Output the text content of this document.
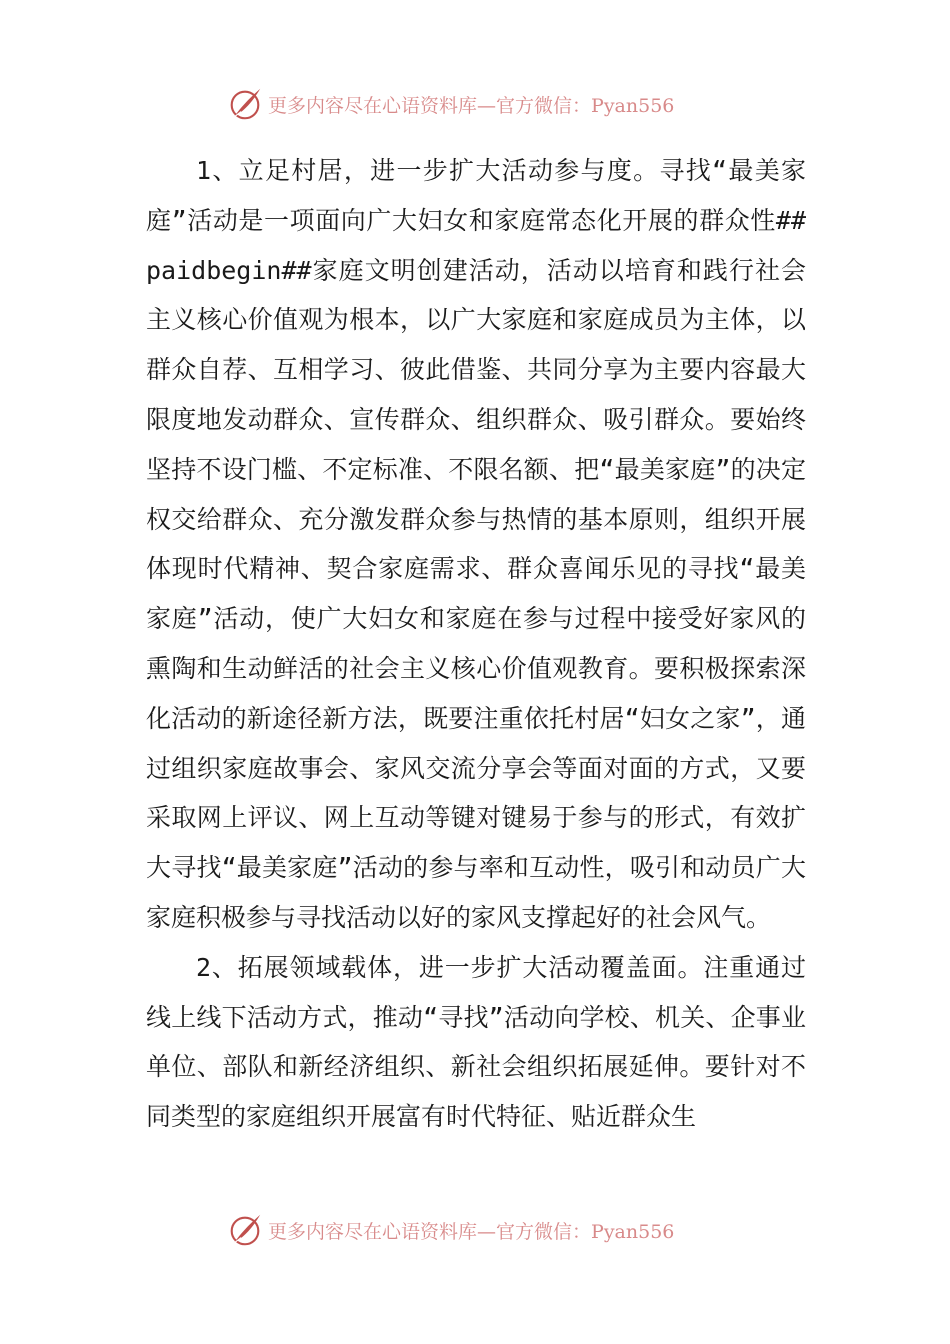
更多内容尽在心语资料库—官方微信：Pyan556

1、立足村居，进一步扩大活动参与度。寻找“最美家庭”活动是一项面向广大妇女和家庭常态化开展的群众性##paidbegin##家庭文明创建活动，活动以培育和践行社会主义核心价值观为根本，以广大家庭和家庭成员为主体，以群众自荐、互相学习、彼此借鉴、共同分享为主要内容最大限度地发动群众、宣传群众、组织群众、吸引群众。要始终坚持不设门槛、不定标准、不限名额、把“最美家庭”的决定权交给群众、充分激发群众参与热情的基本原则，组织开展体现时代精神、契合家庭需求、群众喜闻乐见的寻找“最美家庭”活动，使广大妇女和家庭在参与过程中接受好家风的熏陶和生动鲜活的社会主义核心价值观教育。要积极探索深化活动的新途径新方法，既要注重依托村居“妇女之家”，通过组织家庭故事会、家风交流分享会等面对面的方式，又要采取网上评议、网上互动等键对键易于参与的形式，有效扩大寻找“最美家庭”活动的参与率和互动性，吸引和动员广大家庭积极参与寻找活动以好的家风支撑起好的社会风气。

2、拓展领域载体，进一步扩大活动覆盖面。注重通过线上线下活动方式，推动“寻找”活动向学校、机关、企事业单位、部队和新经济组织、新社会组织拓展延伸。要针对不同类型的家庭组织开展富有时代特征、贴近群众生

更多内容尽在心语资料库—官方微信：Pyan556
